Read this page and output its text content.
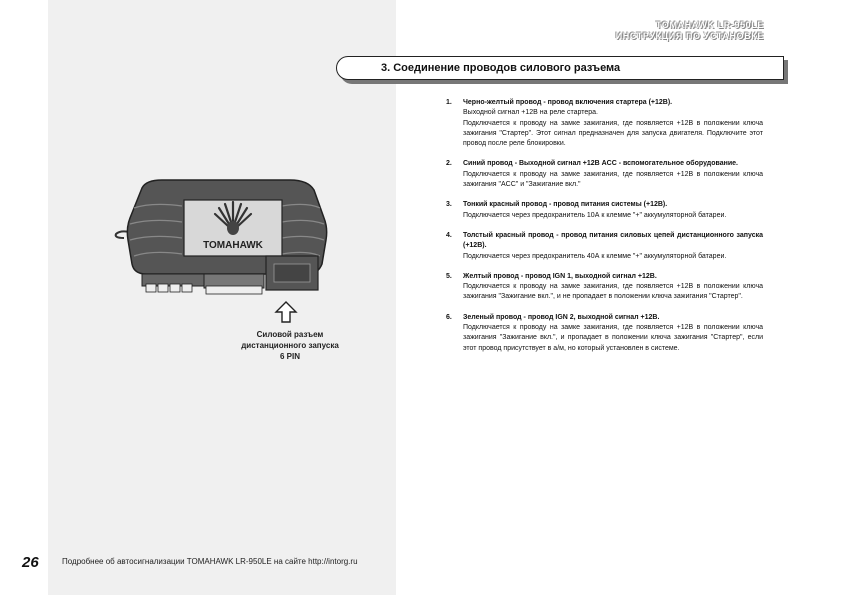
TOMAHAWK LR-950LE
ИНСТРУКЦИЯ ПО УСТАНОВКЕ
3. Соединение проводов силового разъема
1. Черно-желтый провод - провод включения стартера (+12В).
Выходной сигнал +12В на реле стартера.
Подключается к проводу на замке зажигания, где появляется +12В в положении ключа зажигания "Стартер". Этот сигнал предназначен для запуска двигателя. Подключите этот провод после реле блокировки.
2. Синий провод - Выходной сигнал +12В ACC - вспомогательное оборудование.
Подключается к проводу на замке зажигания, где появляется +12В в положении ключа зажигания "ACC" и "Зажигание вкл."
3. Тонкий красный провод - провод питания системы (+12В).
Подключается через предохранитель 10А к клемме "+" аккумуляторной батареи.
4. Толстый красный провод - провод питания силовых цепей дистанционного запуска (+12В).
Подключается через предохранитель 40А к клемме "+" аккумуляторной батареи.
5. Желтый провод - провод IGN 1, выходной сигнал +12В.
Подключается к проводу на замке зажигания, где появляется +12В в положении ключа зажигания "Зажигание вкл.", и не пропадает в положении ключа зажигания "Стартер".
6. Зеленый провод - провод IGN 2, выходной сигнал +12В.
Подключается к проводу на замке зажигания, где появляется +12В в положении ключа зажигания "Зажигание вкл.", и пропадает в положении ключа зажигания "Стартер", если этот провод присутствует в а/м, но который установлен в системе.
TOMAHAWK
Силовой разъем
дистанционного запуска
6 PIN
26	Подробнее об автосигнализации TOMAHAWK LR-950LE на сайте http://intorg.ru
